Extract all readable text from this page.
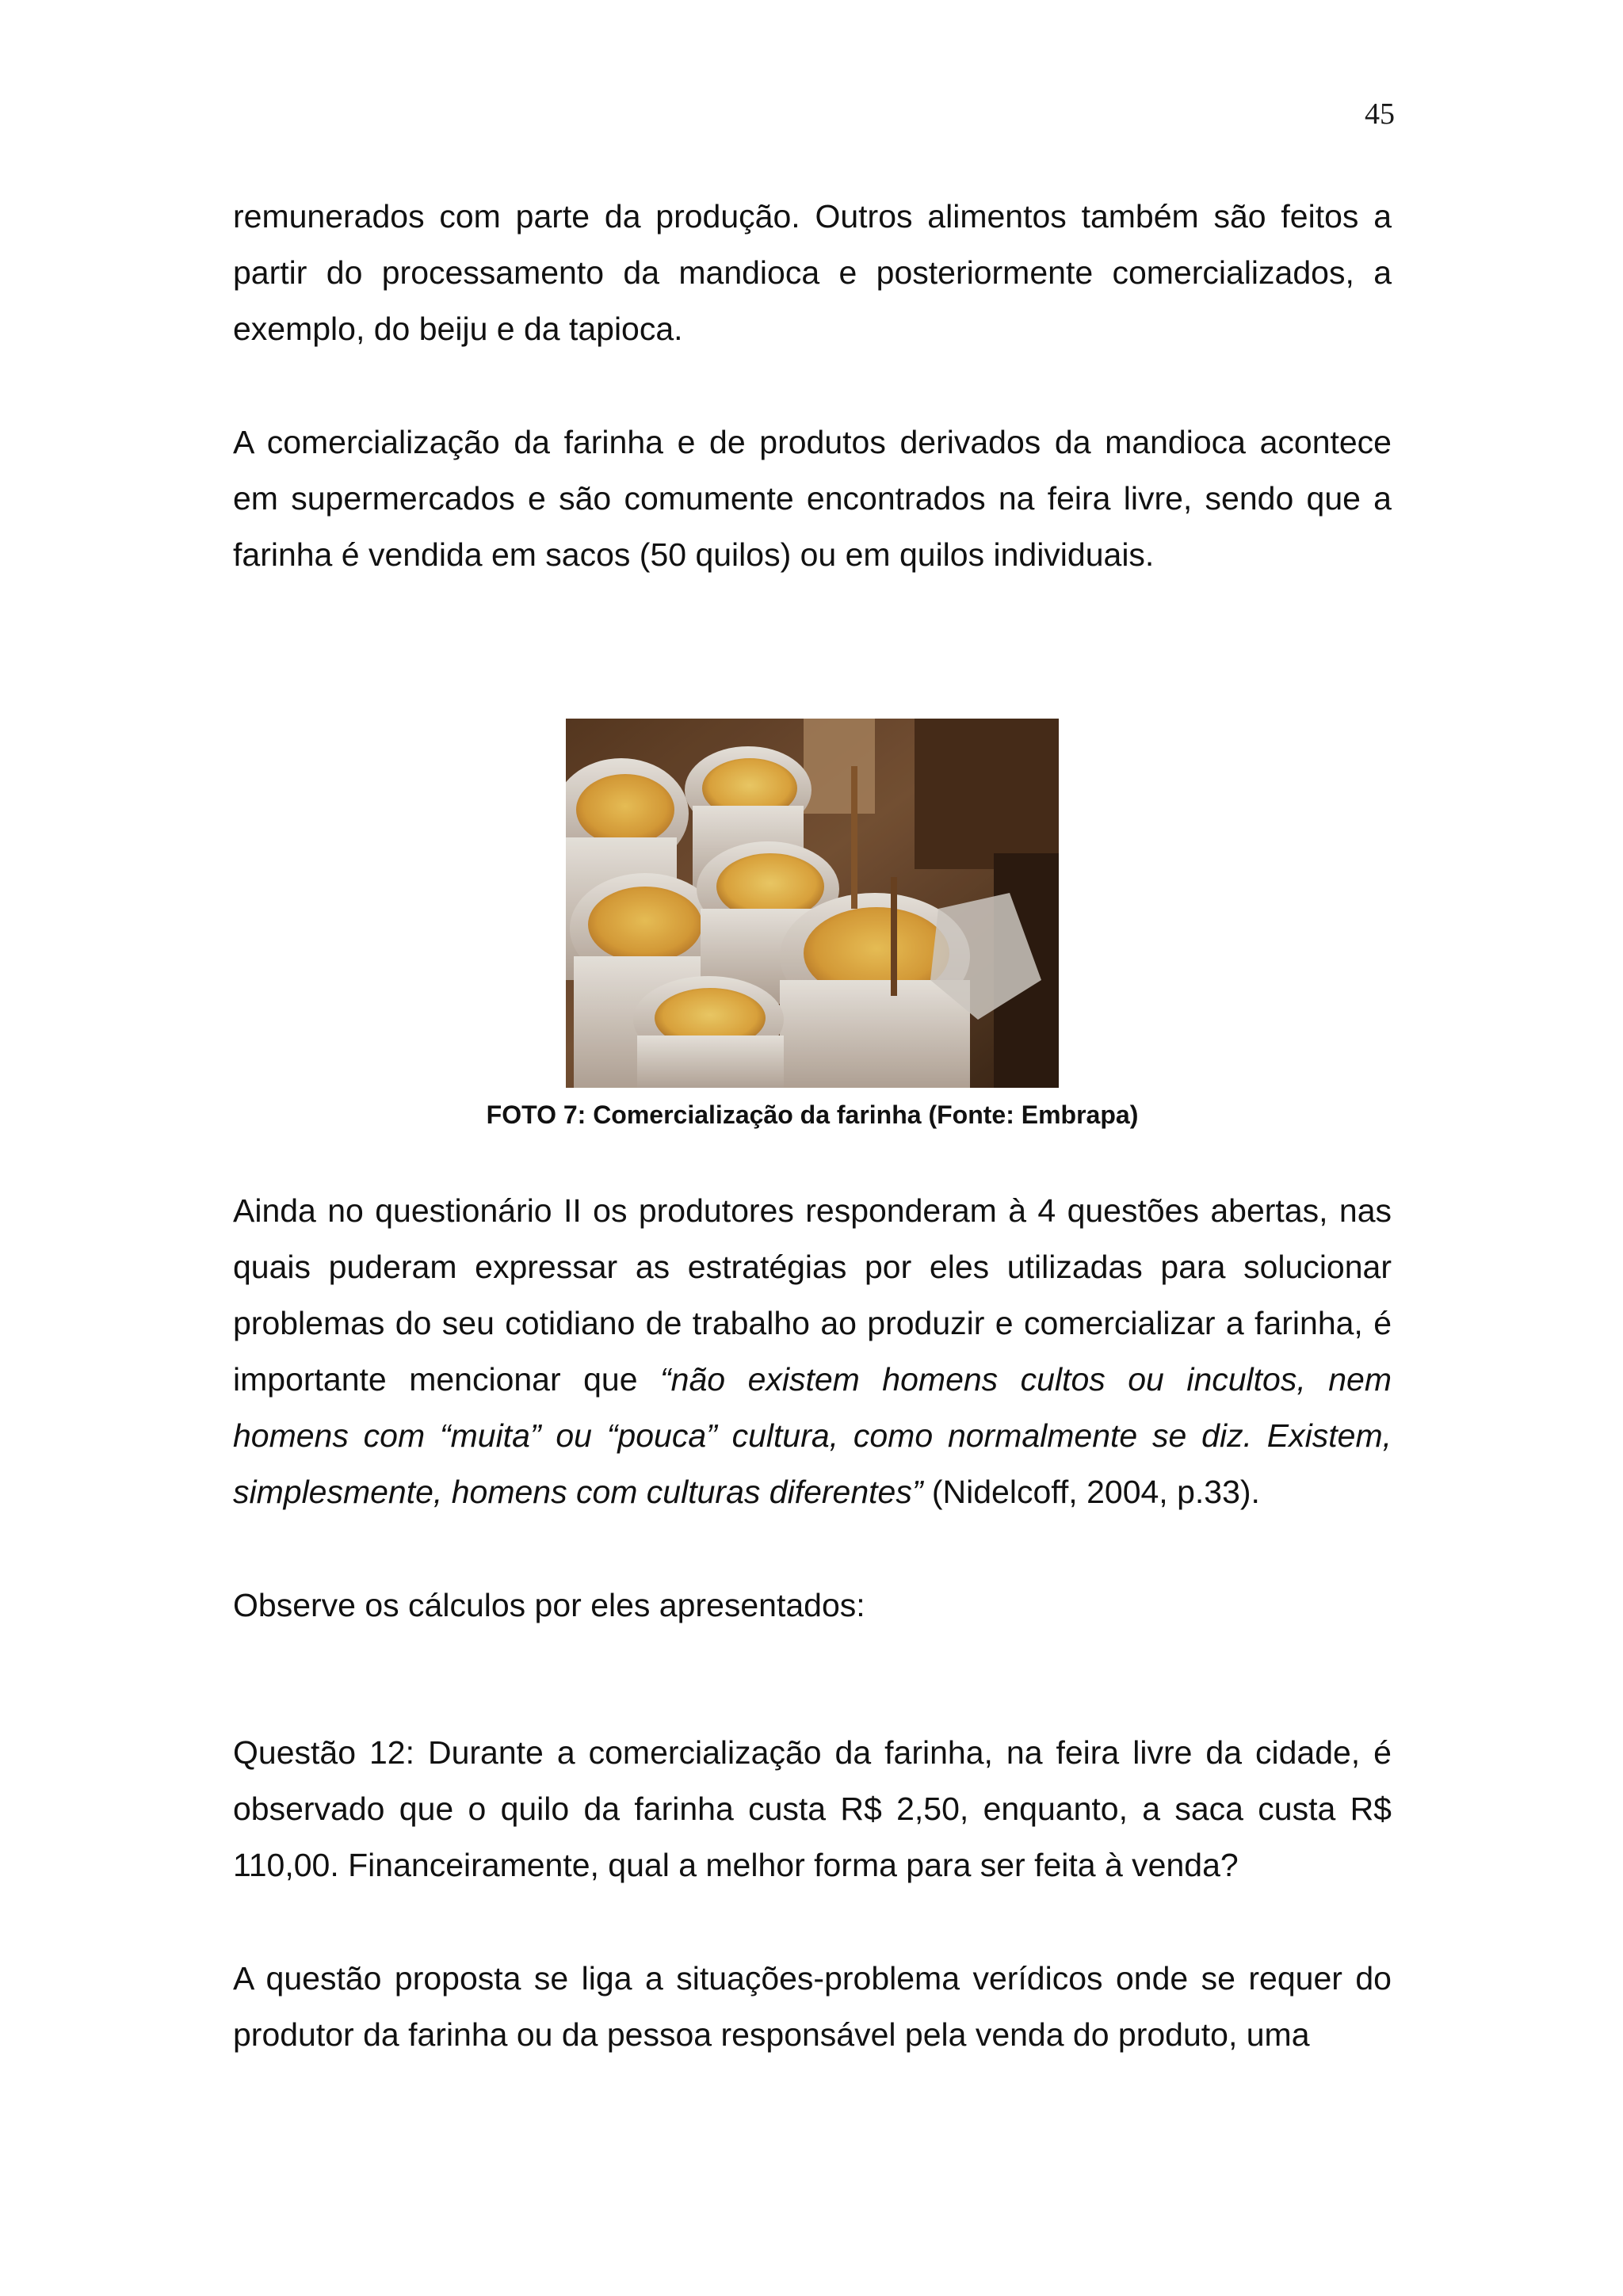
45

remunerados com parte da produção. Outros alimentos também são feitos a partir do processamento da mandioca e posteriormente comercializados, a exemplo, do beiju e da tapioca.

A comercialização da farinha e de produtos derivados da mandioca acontece em supermercados e são comumente encontrados na feira livre, sendo que a farinha é vendida em sacos (50 quilos) ou em quilos individuais.

FOTO 7: Comercialização da farinha (Fonte: Embrapa)

Ainda no questionário II os produtores responderam à 4 questões abertas, nas quais puderam expressar as estratégias por eles utilizadas para solucionar problemas do seu cotidiano de trabalho ao produzir e comercializar a farinha, é importante mencionar que “não existem homens cultos ou incultos, nem homens com “muita” ou “pouca” cultura, como normalmente se diz. Existem, simplesmente, homens com culturas diferentes” (Nidelcoff, 2004, p.33).

Observe os cálculos por eles apresentados:

Questão 12: Durante a comercialização da farinha, na feira livre da cidade, é observado que o quilo da farinha custa R$ 2,50, enquanto, a saca custa R$ 110,00. Financeiramente, qual a melhor forma para ser feita à venda?

A questão proposta se liga a situações-problema verídicos onde se requer do produtor da farinha ou da pessoa responsável pela venda do produto, uma
